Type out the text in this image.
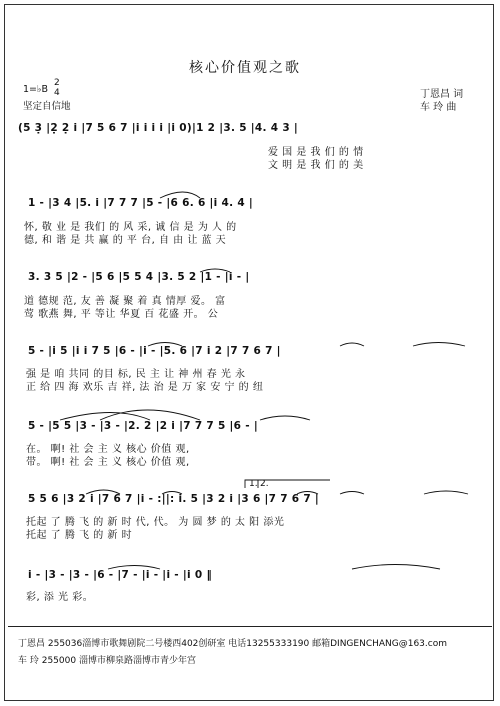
核心价值观之歌
1=♭B
2
4
坚定自信地
丁恩昌 词
车 玲 曲
(5 3̣ |2̣ 2̣ i |7 5 6 7 |i i i i |i 0)|1 2 |3. 5 |4. 4 3 |
爱 国 是 我 们 的 情
文 明 是 我 们 的 美
1 - |3 4 |5. i |7 7 7 |5 - |6 6. 6 |i 4. 4 |
怀, 敬 业 是 我们 的 风 采, 诚 信 是 为 人 的
德, 和 谐 是 共 赢 的 平 台, 自 由 让 蓝 天
3. 3 5 |2 - |5 6 |5 5 4 |3. 5 2 |1 - |i - |
道 德规 范, 友 善 凝 聚 着 真 情厚 爱。 富
莺 歌燕 舞, 平 等让 华夏 百 花盛 开。 公
5 - |i 5 |i i 7 5 |6 - |i - |5. 6 |7 i 2 |7 7 6 7 |
强 是 咱 共同 的目 标, 民 主 让 神 州 春 光 永
正 给 四 海 欢乐 吉 祥, 法 治 是 万 家 安 宁 的 纽
5 - |5 5 |3 - |3 - |2. 2 |2 i |7 7 7 5 |6 - |
在。 啊! 社 会 主 义 核心 价值 观,
带。 啊! 社 会 主 义 核心 价值 观,
1. 2.
5 5 6 |3 2 i |7 6 7 |i - :||: i. 5 |3 2 i |3 6 |7 7 6 7 |
托起 了 腾 飞 的 新 时 代, 代。 为 圆 梦 的 太 阳 添光
托起 了 腾 飞 的 新 时
i - |3 - |3 - |6 - |7 - |i - |i - |i 0 ‖
彩, 添 光 彩。
丁恩昌 255036淄博市歌舞剧院二号楼西402创研室 电话13255333190 邮箱DINGENCHANG@163.com
车 玲 255000 淄博市柳泉路淄博市青少年宫
